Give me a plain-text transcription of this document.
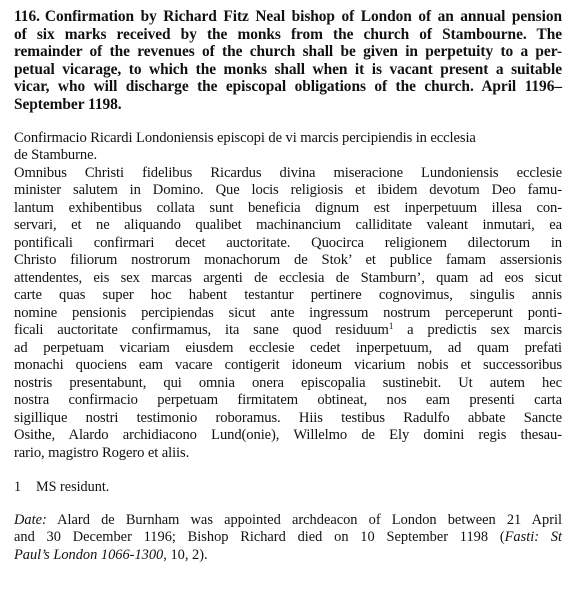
116. Confirmation by Richard Fitz Neal bishop of London of an annual pension
of six marks received by the monks from the church of Stambourne. The
remainder of the revenues of the church shall be given in perpetuity to a per-
petual vicarage, to which the monks shall when it is vacant present a suitable
vicar, who will discharge the episcopal obligations of the church. April 1196–
September 1198.
Confirmacio Ricardi Londoniensis episcopi de vi marcis percipiendis in ecclesia
de Stamburne.
Omnibus Christi fidelibus Ricardus divina miseracione Lundoniensis ecclesie
minister salutem in Domino. Que locis religiosis et ibidem devotum Deo famu-
lantum exhibentibus collata sunt beneficia dignum est inperpetuum illesa con-
servari, et ne aliquando qualibet machinancium calliditate valeant inmutari, ea
pontificali confirmari decet auctoritate. Quocirca religionem dilectorum in
Christo filiorum nostrorum monachorum de Stok’ et publice famam assersionis
attendentes, eis sex marcas argenti de ecclesia de Stamburn’, quam ad eos sicut
carte quas super hoc habent testantur pertinere cognovimus, singulis annis
nomine pensionis percipiendas sicut ante ingressum nostrum perceperunt ponti-
ficali auctoritate confirmamus, ita sane quod residuum$^1$ a predictis sex marcis
ad perpetuam vicariam eiusdem ecclesie cedet inperpetuum, ad quam prefati
monachi quociens eam vacare contigerit idoneum vicarium nobis et successoribus
nostris presentabunt, qui omnia onera episcopalia sustinebit. Ut autem hec
nostra confirmacio perpetuam firmitatem obtineat, nos eam presenti carta
sigillique nostri testimonio roboramus. Hiis testibus Radulfo abbate Sancte
Osithe, Alardo archidiacono Lund(onie), Willelmo de Ely domini regis thesau-
rario, magistro Rogero et aliis.
1 MS residunt.
Date: Alard de Burnham was appointed archdeacon of London between 21 April
and 30 December 1196; Bishop Richard died on 10 September 1198 (Fasti: St
Paul’s London 1066-1300, 10, 2).
